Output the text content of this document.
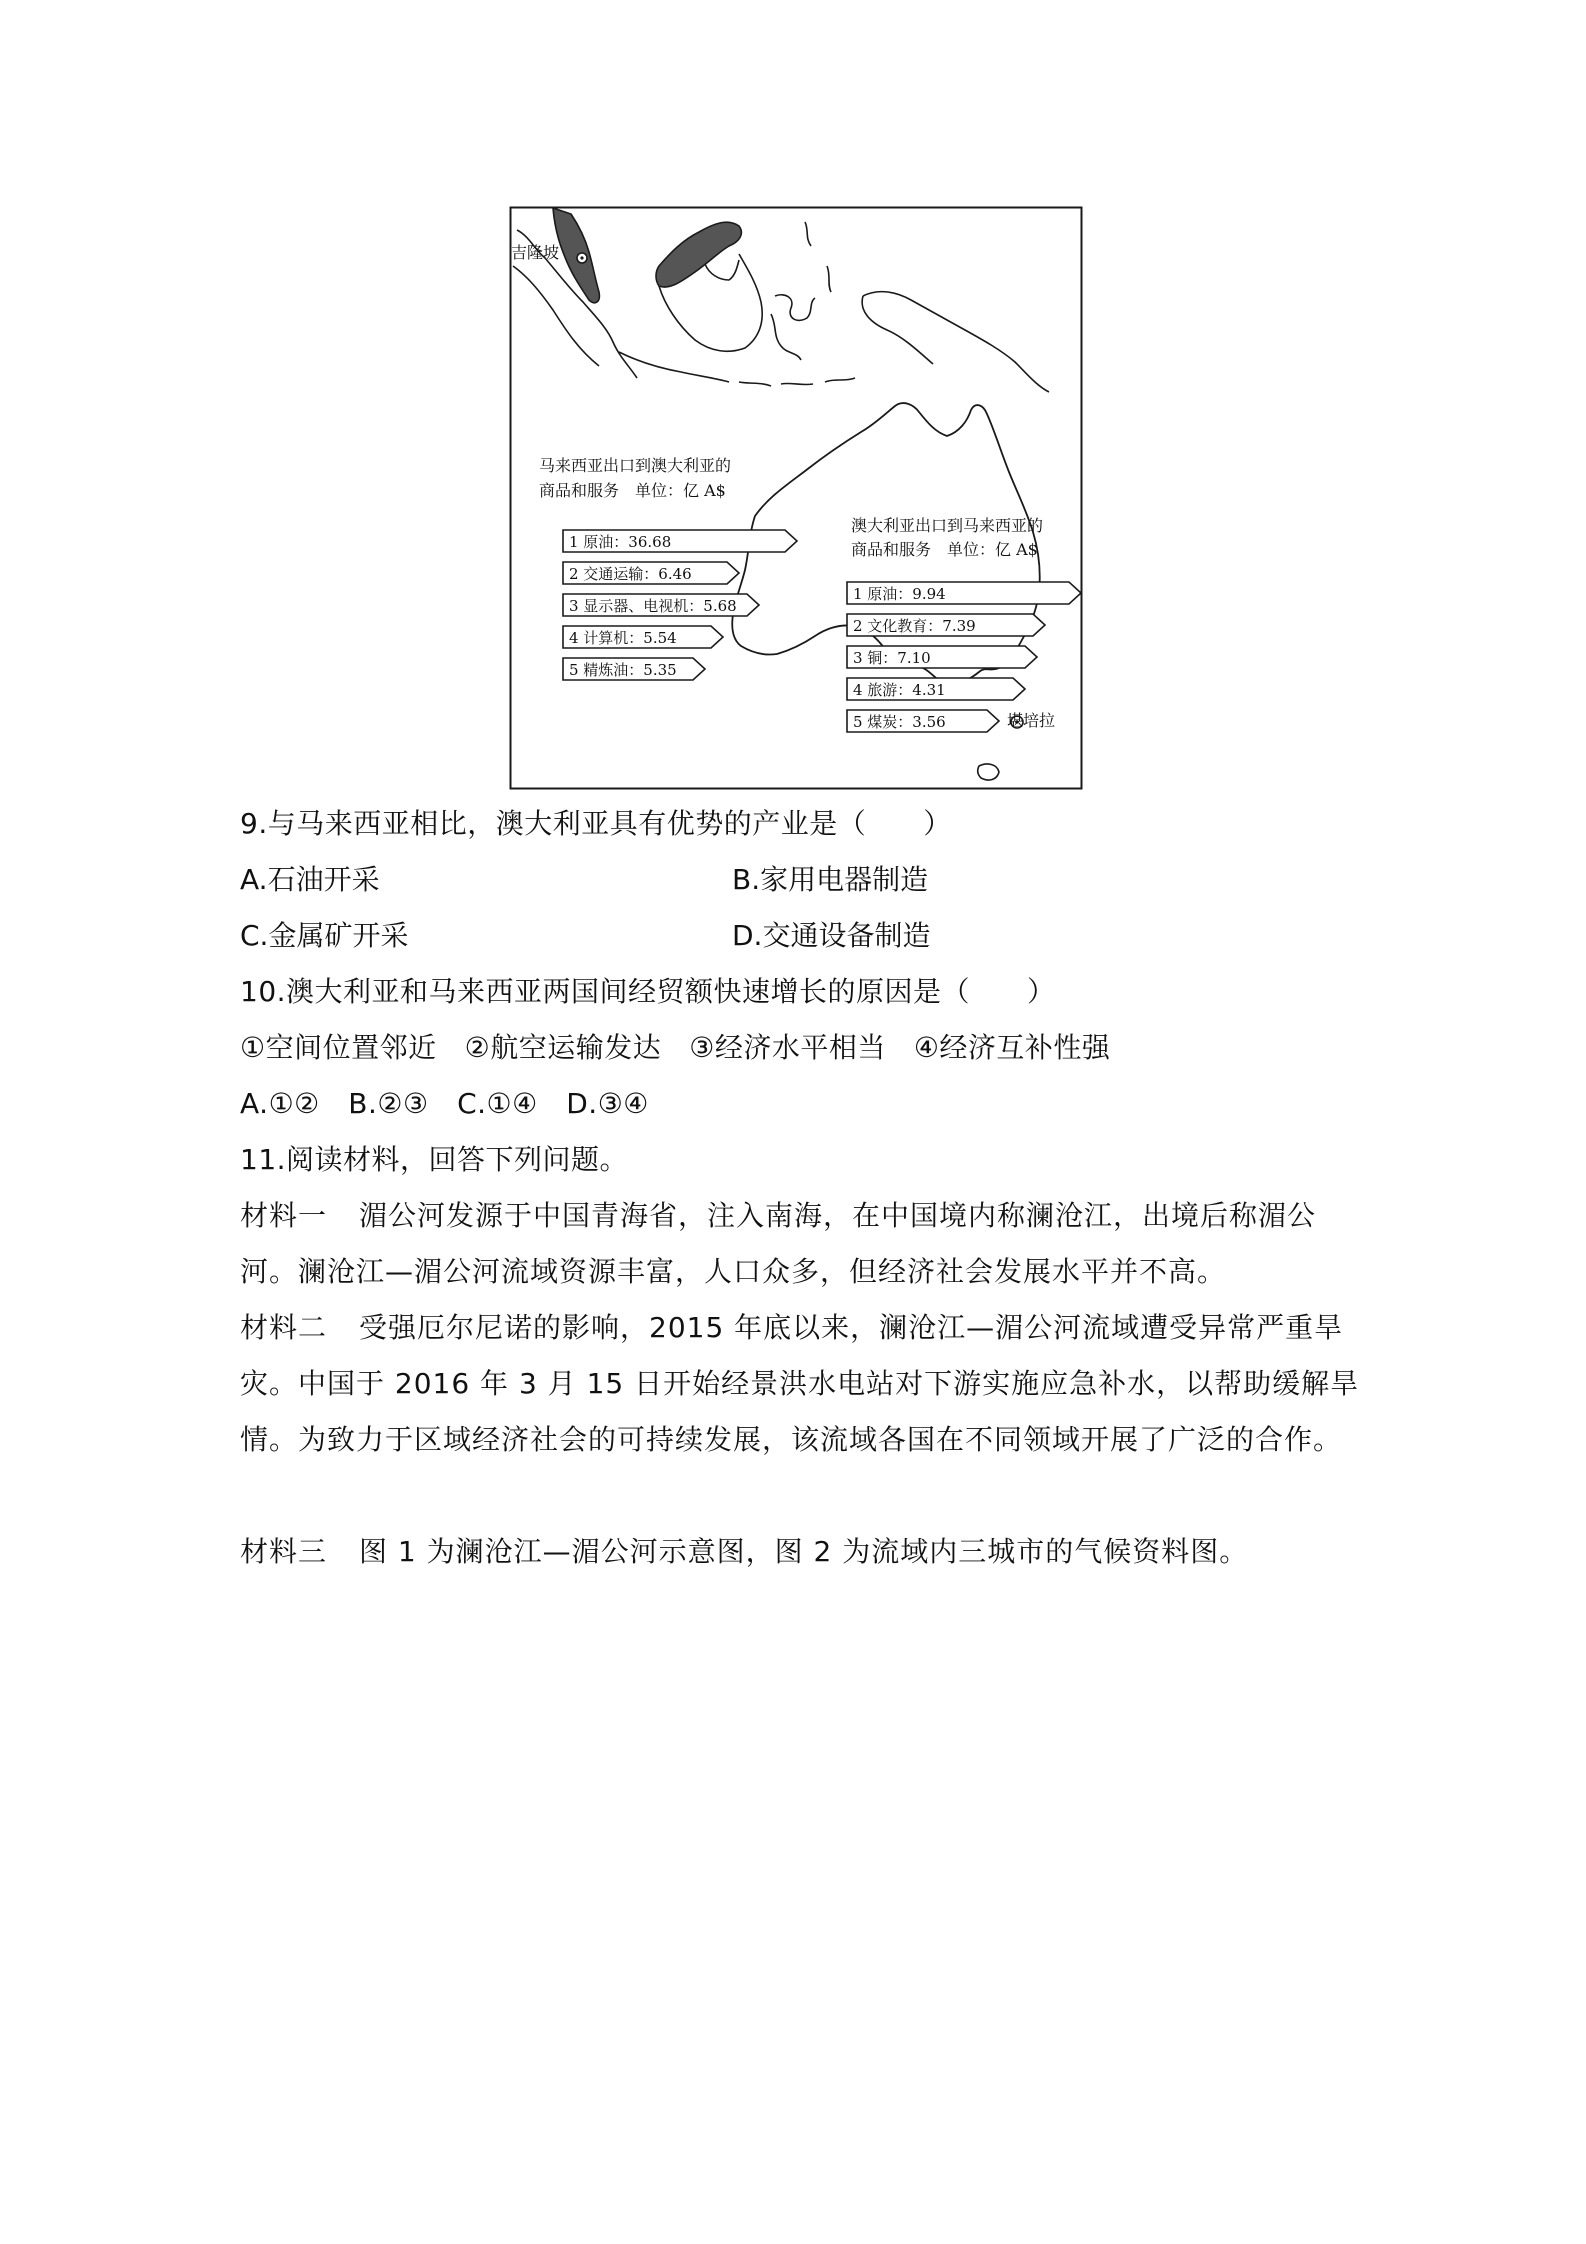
吉隆坡
堪培拉
马来西亚出口到澳大利亚的
商品和服务　单位：亿 A$
1 原油：36.68
2 交通运输：6.46
3 显示器、电视机：5.68
4 计算机：5.54
5 精炼油：5.35
澳大利亚出口到马来西亚的
商品和服务　单位：亿 A$
1 原油：9.94
2 文化教育：7.39
3 铜：7.10
4 旅游：4.31
5 煤炭：3.56

9.与马来西亚相比，澳大利亚具有优势的产业是（　　）

A.石油开采	B.家用电器制造
C.金属矿开采	D.交通设备制造

10.澳大利亚和马来西亚两国间经贸额快速增长的原因是（　　）

①空间位置邻近 ②航空运输发达 ③经济水平相当 ④经济互补性强

A.①②　B.②③　C.①④　D.③④

11.阅读材料，回答下列问题。

材料一 湄公河发源于中国青海省，注入南海，在中国境内称澜沧江，出境后称湄公河。澜沧江—湄公河流域资源丰富，人口众多，但经济社会发展水平并不高。

材料二 受强厄尔尼诺的影响，2015 年底以来，澜沧江—湄公河流域遭受异常严重旱灾。中国于 2016 年 3 月 15 日开始经景洪水电站对下游实施应急补水，以帮助缓解旱情。为致力于区域经济社会的可持续发展，该流域各国在不同领域开展了广泛的合作。

材料三 图 1 为澜沧江—湄公河示意图，图 2 为流域内三城市的气候资料图。
